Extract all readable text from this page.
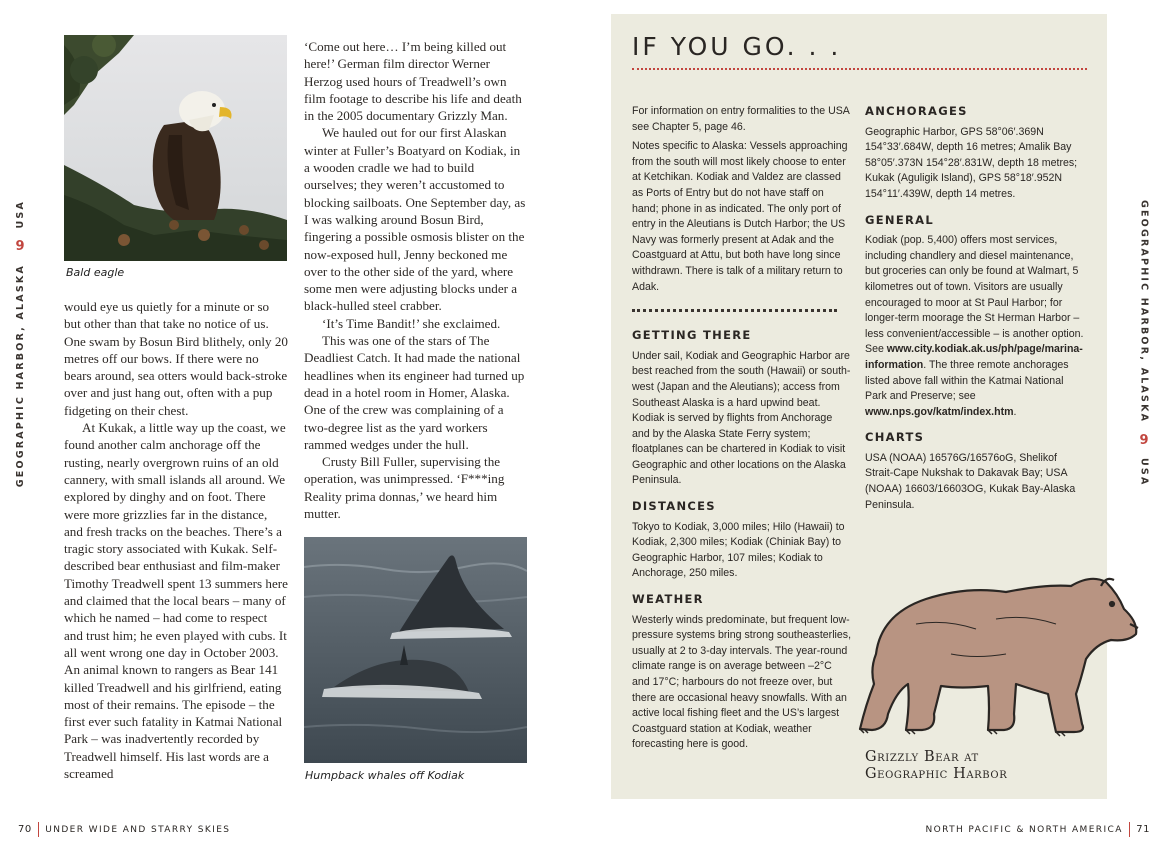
USA
9
GEOGRAPHIC HARBOR, ALASKA	GEOGRAPHIC HARBOR, ALASKA
9
USA
Bald eagle

would eye us quietly for a minute or so but other than that take no notice of us. One swam by Bosun Bird blithely, only 20 metres off our bows. If there were no bears around, sea otters would back-stroke over and just hang out, often with a pup fidgeting on their chest.

At Kukak, a little way up the coast, we found another calm anchorage off the rusting, nearly overgrown ruins of an old cannery, with small islands all around. We explored by dinghy and on foot. There were more grizzlies far in the distance, and fresh tracks on the beaches. There’s a tragic story associated with Kukak. Self-described bear enthusiast and film-maker Timothy Treadwell spent 13 summers here and claimed that the local bears – many of which he named – had come to respect and trust him; he even played with cubs. It all went wrong one day in October 2003. An animal known to rangers as Bear 141 killed Treadwell and his girlfriend, eating most of their remains. The episode – the first ever such fatality in Katmai National Park – was inadvertently recorded by Treadwell himself. His last words are a screamed

‘Come out here… I’m being killed out here!’ German film director Werner Herzog used hours of Treadwell’s own film footage to describe his life and death in the 2005 documentary Grizzly Man.

We hauled out for our first Alaskan winter at Fuller’s Boatyard on Kodiak, in a wooden cradle we had to build ourselves; they weren’t accustomed to blocking sailboats. One September day, as I was walking around Bosun Bird, fingering a possible osmosis blister on the now-exposed hull, Jenny beckoned me over to the other side of the yard, where some men were adjusting blocks under a black-hulled steel crabber.

‘It’s Time Bandit!’ she exclaimed.

This was one of the stars of The Deadliest Catch. It had made the national headlines when its engineer had turned up dead in a hotel room in Homer, Alaska. One of the crew was complaining of a two-degree list as the yard workers rammed wedges under the hull.

Crusty Bill Fuller, supervising the operation, was unimpressed. ‘F***ing Reality prima donnas,’ we heard him mutter.

Humpback whales off Kodiak
IF YOU GO. . .

For information on entry formalities to the USA see Chapter 5, page 46.

Notes specific to Alaska: Vessels approaching from the south will most likely choose to enter at Ketchikan. Kodiak and Valdez are classed as Ports of Entry but do not have staff on hand; phone in as indicated. The only port of entry in the Aleutians is Dutch Harbor; the US Navy was formerly present at Adak and the Coastguard at Attu, but both have long since withdrawn. There is talk of a military return to Adak.

GETTING THERE

Under sail, Kodiak and Geographic Harbor are best reached from the south (Hawaii) or south-west (Japan and the Aleutians); access from Southeast Alaska is a hard upwind beat. Kodiak is served by flights from Anchorage and by the Alaska State Ferry system; floatplanes can be chartered in Kodiak to visit Geographic and other locations on the Alaska Peninsula.

DISTANCES

Tokyo to Kodiak, 3,000 miles; Hilo (Hawaii) to Kodiak, 2,300 miles; Kodiak (Chiniak Bay) to Geographic Harbor, 107 miles; Kodiak to Anchorage, 250 miles.

WEATHER

Westerly winds predominate, but frequent low-pressure systems bring strong southeasterlies, usually at 2 to 3-day intervals. The year-round climate range is on average between –2°C and 17°C; harbours do not freeze over, but there are occasional heavy snowfalls. With an active local fishing fleet and the US’s largest Coastguard station at Kodiak, weather forecasting here is good.

ANCHORAGES

Geographic Harbor, GPS 58°06′.369N 154°33′.684W, depth 16 metres; Amalik Bay 58°05′.373N 154°28′.831W, depth 18 metres; Kukak (Aguligik Island), GPS 58°18′.952N 154°11′.439W, depth 14 metres.

GENERAL

Kodiak (pop. 5,400) offers most services, including chandlery and diesel maintenance, but groceries can only be found at Walmart, 5 kilometres out of town. Visitors are usually encouraged to moor at St Paul Harbor; for longer-term moorage the St Herman Harbor – less convenient/accessible – is another option. See www.city.kodiak.ak.us/ph/page/marina-information. The three remote anchorages listed above fall within the Katmai National Park and Preserve; see www.nps.gov/katm/index.htm.

CHARTS

USA (NOAA) 16576G/16576oG, Shelikof Strait-Cape Nukshak to Dakavak Bay; USA (NOAA) 16603/16603OG, Kukak Bay-Alaska Peninsula.

Grizzly Bear at
Geographic Harbor
70 UNDER WIDE AND STARRY SKIES	NORTH PACIFIC & NORTH AMERICA 71
